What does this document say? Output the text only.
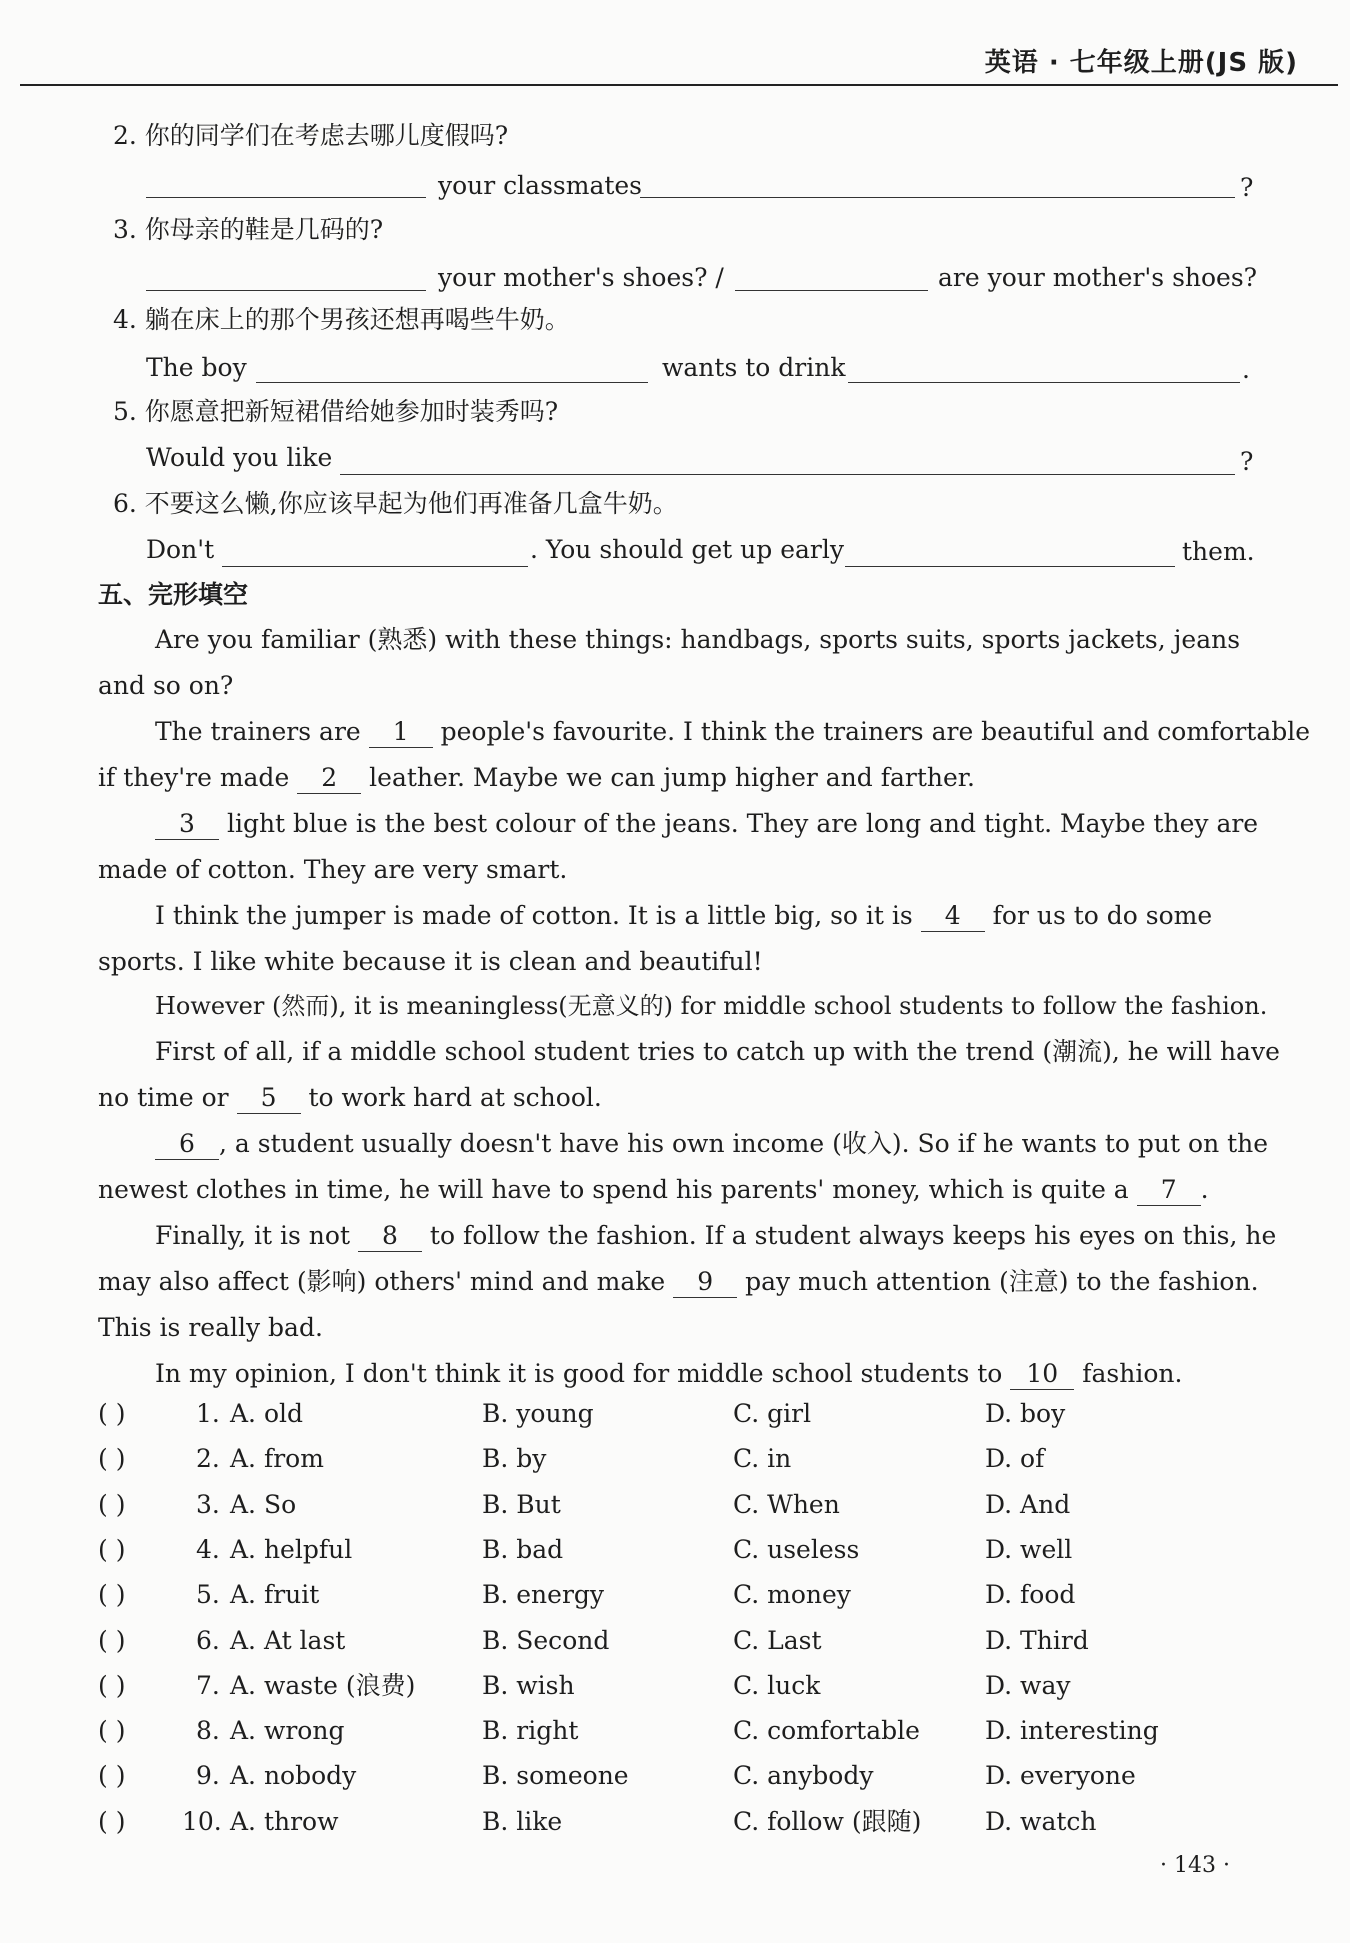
英语 · 七年级上册(JS 版)
2. 你的同学们在考虑去哪儿度假吗?
your classmates	?
3. 你母亲的鞋是几码的?
your mother's shoes? /	are your mother's shoes?
4. 躺在床上的那个男孩还想再喝些牛奶。
The boy	wants to drink	.
5. 你愿意把新短裙借给她参加时装秀吗?
Would you like	?
6. 不要这么懒,你应该早起为他们再准备几盒牛奶。
Don't	. You should get up early	them.
五、完形填空
Are you familiar (熟悉) with these things: handbags, sports suits, sports jackets, jeans
and so on?
The trainers are 1 people's favourite. I think the trainers are beautiful and comfortable
if they're made 2 leather. Maybe we can jump higher and farther.
3 light blue is the best colour of the jeans. They are long and tight. Maybe they are
made of cotton. They are very smart.
I think the jumper is made of cotton. It is a little big, so it is 4 for us to do some
sports. I like white because it is clean and beautiful!
However (然而), it is meaningless(无意义的) for middle school students to follow the fashion.
First of all, if a middle school student tries to catch up with the trend (潮流), he will have
no time or 5 to work hard at school.
6 , a student usually doesn't have his own income (收入). So if he wants to put on the
newest clothes in time, he will have to spend his parents' money, which is quite a 7 .
Finally, it is not 8 to follow the fashion. If a student always keeps his eyes on this, he
may also affect (影响) others' mind and make 9 pay much attention (注意) to the fashion.
This is really bad.
In my opinion, I don't think it is good for middle school students to 10 fashion.
( )	1. A. old	B. young	C. girl	D. boy
( )	2. A. from	B. by	C. in	D. of
( )	3. A. So	B. But	C. When	D. And
( )	4. A. helpful	B. bad	C. useless	D. well
( )	5. A. fruit	B. energy	C. money	D. food
( )	6. A. At last	B. Second	C. Last	D. Third
( )	7. A. waste (浪费)	B. wish	C. luck	D. way
( )	8. A. wrong	B. right	C. comfortable	D. interesting
( )	9. A. nobody	B. someone	C. anybody	D. everyone
( ) 10. A. throw	B. like	C. follow (跟随)	D. watch
· 143 ·
